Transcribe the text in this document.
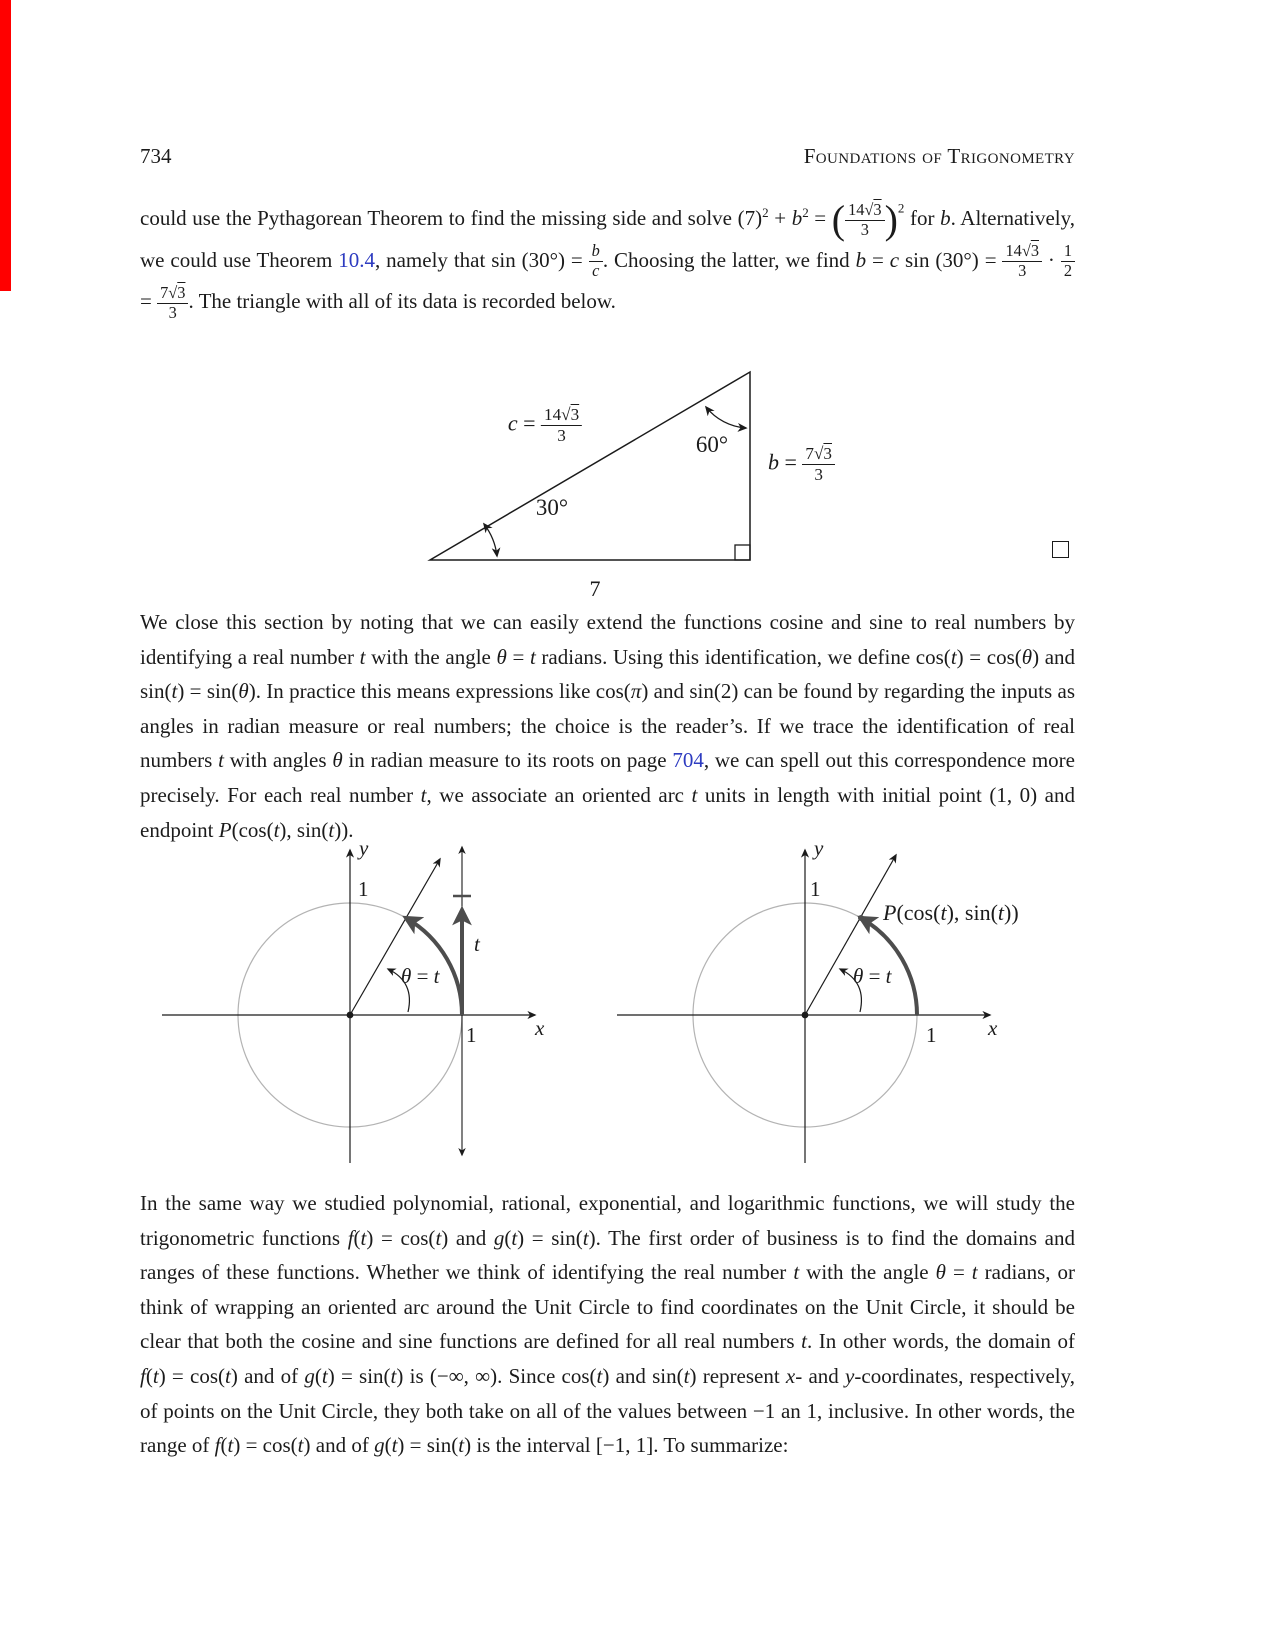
734	Foundations of Trigonometry
could use the Pythagorean Theorem to find the missing side and solve $(7)^2 + b^2$ = ( $\frac{14√3}{3} )^2$ for b. Alternatively, we could use Theorem 10.4, namely that $\sin (30^\circ) = \frac{b}{c}$ . Choosing the latter, we find b = c $\sin (30^\circ) = \frac{14√3}{3} \cdot \frac{1}{2}$
= $\frac{7√3}{3}$ . The triangle with all of its data is recorded below.
$c = \frac{14√3}{3}$	60°
$b = \frac{7√3}{3}$
30°
7
We close this section by noting that we can easily extend the functions cosine and sine to real numbers by identifying a real number t with the angle θ = t radians. Using this identification, we define cos(t) = cos(θ) and sin(t) = sin(θ). In practice this means expressions like cos(π) and sin(2) can be found by regarding the inputs as angles in radian measure or real numbers; the choice is the reader’s. If we trace the identification of real numbers t with angles θ in radian measure to its roots on page 704, we can spell out this correspondence more precisely. For each real number t, we associate an oriented arc t units in length with initial point (1, 0) and endpoint P(cos(t), sin(t)).
y
1
t
θ = t
1	x
y
1
P(cos(t), sin(t))
θ = t
1 x
In the same way we studied polynomial, rational, exponential, and logarithmic functions, we will study the trigonometric functions f(t) = cos(t) and g(t) = sin(t). The first order of business is to find the domains and ranges of these functions. Whether we think of identifying the real number t with the angle θ = t radians, or think of wrapping an oriented arc around the Unit Circle to find coordinates on the Unit Circle, it should be clear that both the cosine and sine functions are defined for all real numbers t. In other words, the domain of f(t) = cos(t) and of g(t) = sin(t) is (−∞, ∞). Since cos(t) and sin(t) represent x- and y-coordinates, respectively, of points on the Unit Circle, they both take on all of the values between −1 an 1, inclusive. In other words, the range of f(t) = cos(t) and of g(t) = sin(t) is the interval [−1, 1]. To summarize:
